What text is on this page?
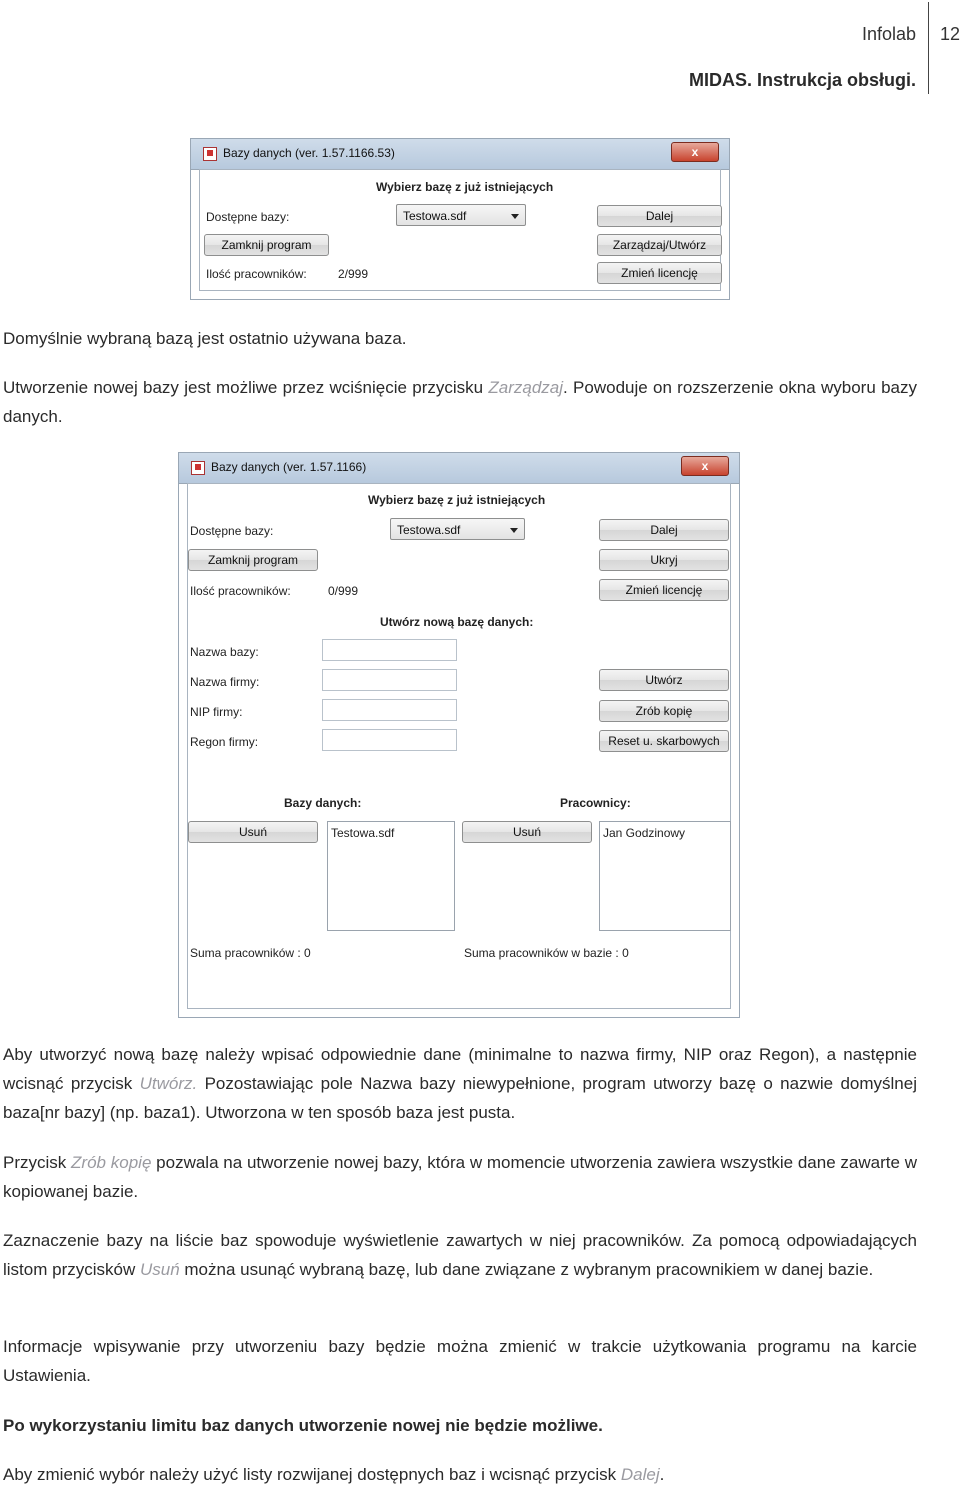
Infolab 12
MIDAS. Instrukcja obsługi.
Bazy danych (ver. 1.57.1166.53)	x
Wybierz bazę z już istniejących
Dostępne bazy:	Testowa.sdf	Dalej
Zamknij program	Zarządzaj/Utwórz
Ilość pracowników:	2/999	Zmień licencję
Domyślnie wybraną bazą jest ostatnio używana baza.
Utworzenie nowej bazy jest możliwe przez wciśnięcie przycisku Zarządzaj. Powoduje on rozszerzenie okna wyboru bazy danych.
Bazy danych (ver. 1.57.1166)	x
Wybierz bazę z już istniejących
Dostępne bazy:	Testowa.sdf	Dalej
Zamknij program	Ukryj
Ilość pracowników:	0/999	Zmień licencję
Utwórz nową bazę danych:
Nazwa bazy:
Nazwa firmy:
NIP firmy:
Regon firmy:
Utwórz
Zrób kopię
Reset u. skarbowych
Bazy danych:	Pracownicy:
Usuń	Testowa.sdf	Usuń	Jan Godzinowy
Suma pracowników : 0	Suma pracowników w bazie : 0
Aby utworzyć nową bazę należy wpisać odpowiednie dane (minimalne to nazwa firmy, NIP oraz Regon), a następnie wcisnąć przycisk Utwórz. Pozostawiając pole Nazwa bazy niewypełnione, program utworzy bazę o nazwie domyślnej baza[nr bazy] (np. baza1). Utworzona w ten sposób baza jest pusta.
Przycisk Zrób kopię pozwala na utworzenie nowej bazy, która w momencie utworzenia zawiera wszystkie dane zawarte w kopiowanej bazie.
Zaznaczenie bazy na liście baz spowoduje wyświetlenie zawartych w niej pracowników. Za pomocą odpowiadających listom przycisków Usuń można usunąć wybraną bazę, lub dane związane z wybranym pracownikiem w danej bazie.
Informacje wpisywanie przy utworzeniu bazy będzie można zmienić w trakcie użytkowania programu na karcie Ustawienia.
Po wykorzystaniu limitu baz danych utworzenie nowej nie będzie możliwe.
Aby zmienić wybór należy użyć listy rozwijanej dostępnych baz i wcisnąć przycisk Dalej.
